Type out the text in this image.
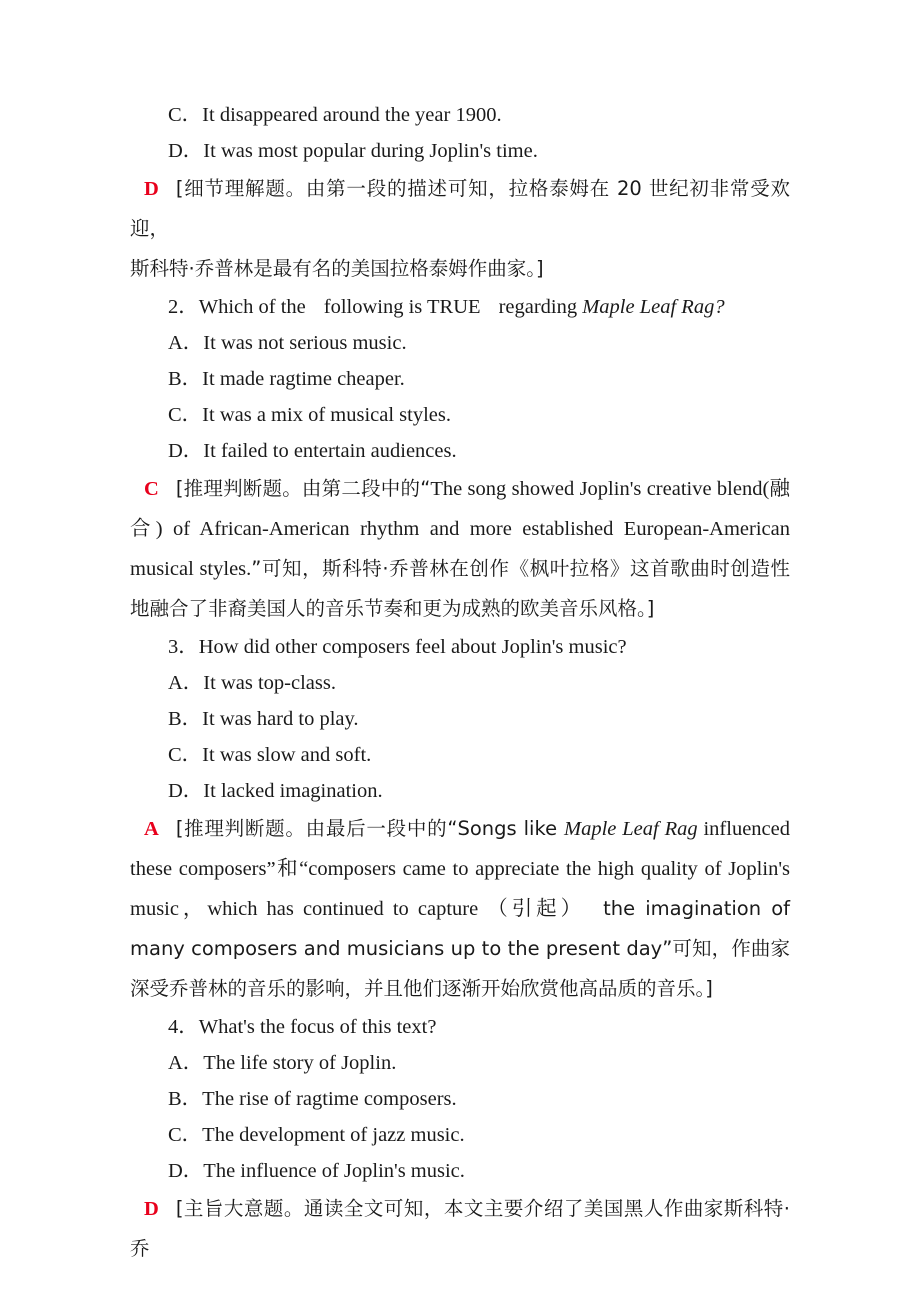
C．It disappeared around the year 1900.
D．It was most popular during Joplin's time.
D [细节理解题。由第一段的描述可知，拉格泰姆在 20 世纪初非常受欢迎，
斯科特·乔普林是最有名的美国拉格泰姆作曲家。]
2．Which of the following is TRUE regarding Maple Leaf Rag?
A．It was not serious music.
B．It made ragtime cheaper.
C．It was a mix of musical styles.
D．It failed to entertain audiences.
C [推理判断题。由第二段中的“The song showed Joplin's creative blend(融合) of African-American rhythm and more established European-American musical styles.”可知，斯科特·乔普林在创作《枫叶拉格》这首歌曲时创造性地融合了非裔美国人的音乐节奏和更为成熟的欧美音乐风格。]
3．How did other composers feel about Joplin's music?
A．It was top-class.
B．It was hard to play.
C．It was slow and soft.
D．It lacked imagination.
A [推理判断题。由最后一段中的“Songs like Maple Leaf Rag influenced these composers”和“composers came to appreciate the high quality of Joplin's music，which has continued to capture （引起） the imagination of many composers and musicians up to the present day”可知，作曲家深受乔普林的音乐的影响，并且他们逐渐开始欣赏他高品质的音乐。]
4．What's the focus of this text?
A．The life story of Joplin.
B．The rise of ragtime composers.
C．The development of jazz music.
D．The influence of Joplin's music.
D [主旨大意题。通读全文可知，本文主要介绍了美国黑人作曲家斯科特·乔
